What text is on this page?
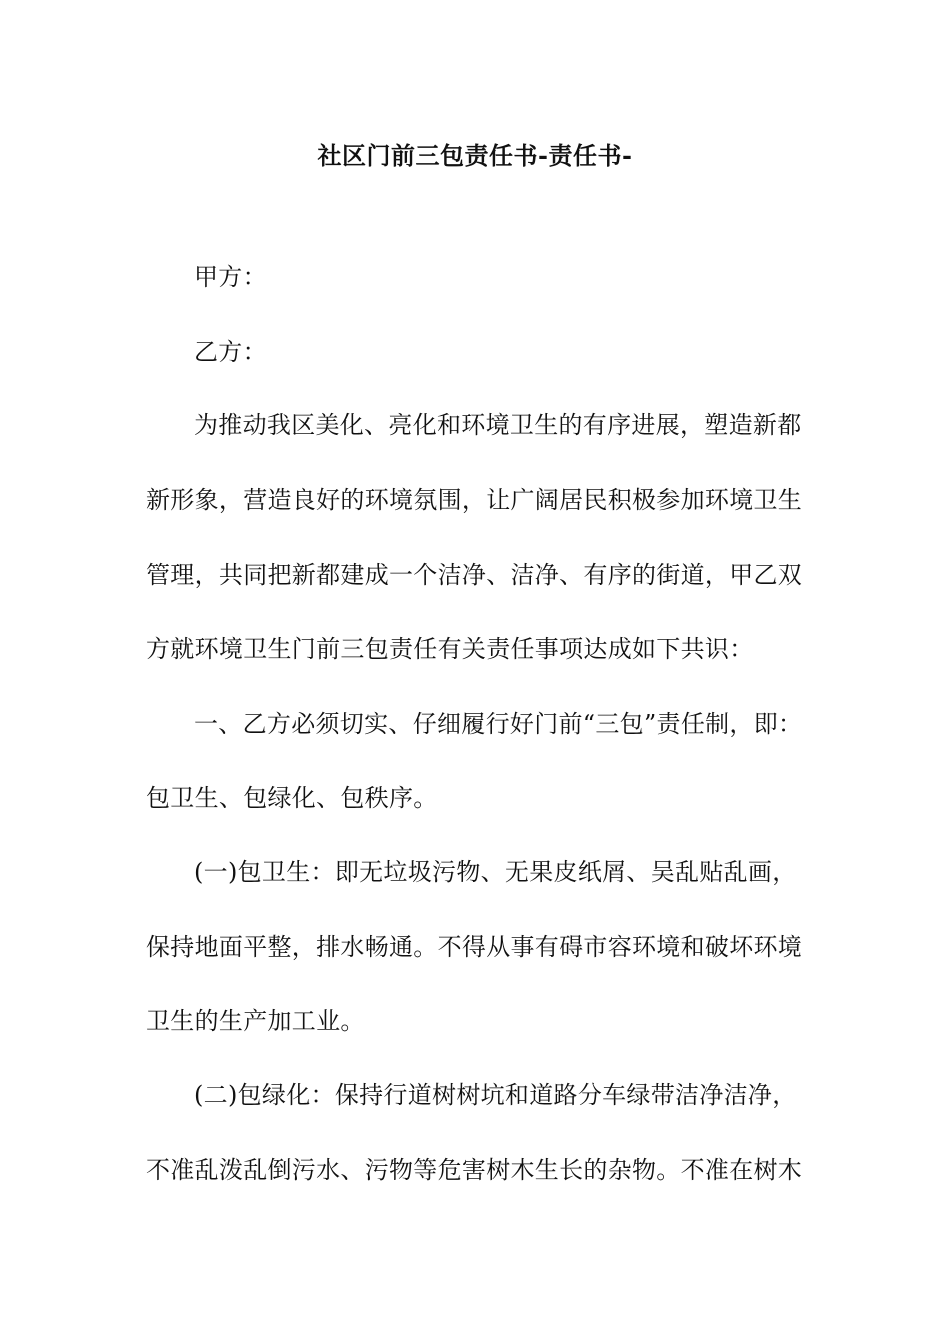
社区门前三包责任书-责任书-
甲方：
乙方：
为推动我区美化、亮化和环境卫生的有序进展，塑造新都
新形象，营造良好的环境氛围，让广阔居民积极参加环境卫生
管理，共同把新都建成一个洁净、洁净、有序的街道，甲乙双
方就环境卫生门前三包责任有关责任事项达成如下共识：
一、乙方必须切实、仔细履行好门前“三包”责任制，即：
包卫生、包绿化、包秩序。
(一)包卫生：即无垃圾污物、无果皮纸屑、吴乱贴乱画，
保持地面平整，排水畅通。不得从事有碍市容环境和破坏环境
卫生的生产加工业。
(二)包绿化：保持行道树树坑和道路分车绿带洁净洁净，
不准乱泼乱倒污水、污物等危害树木生长的杂物。不准在树木
